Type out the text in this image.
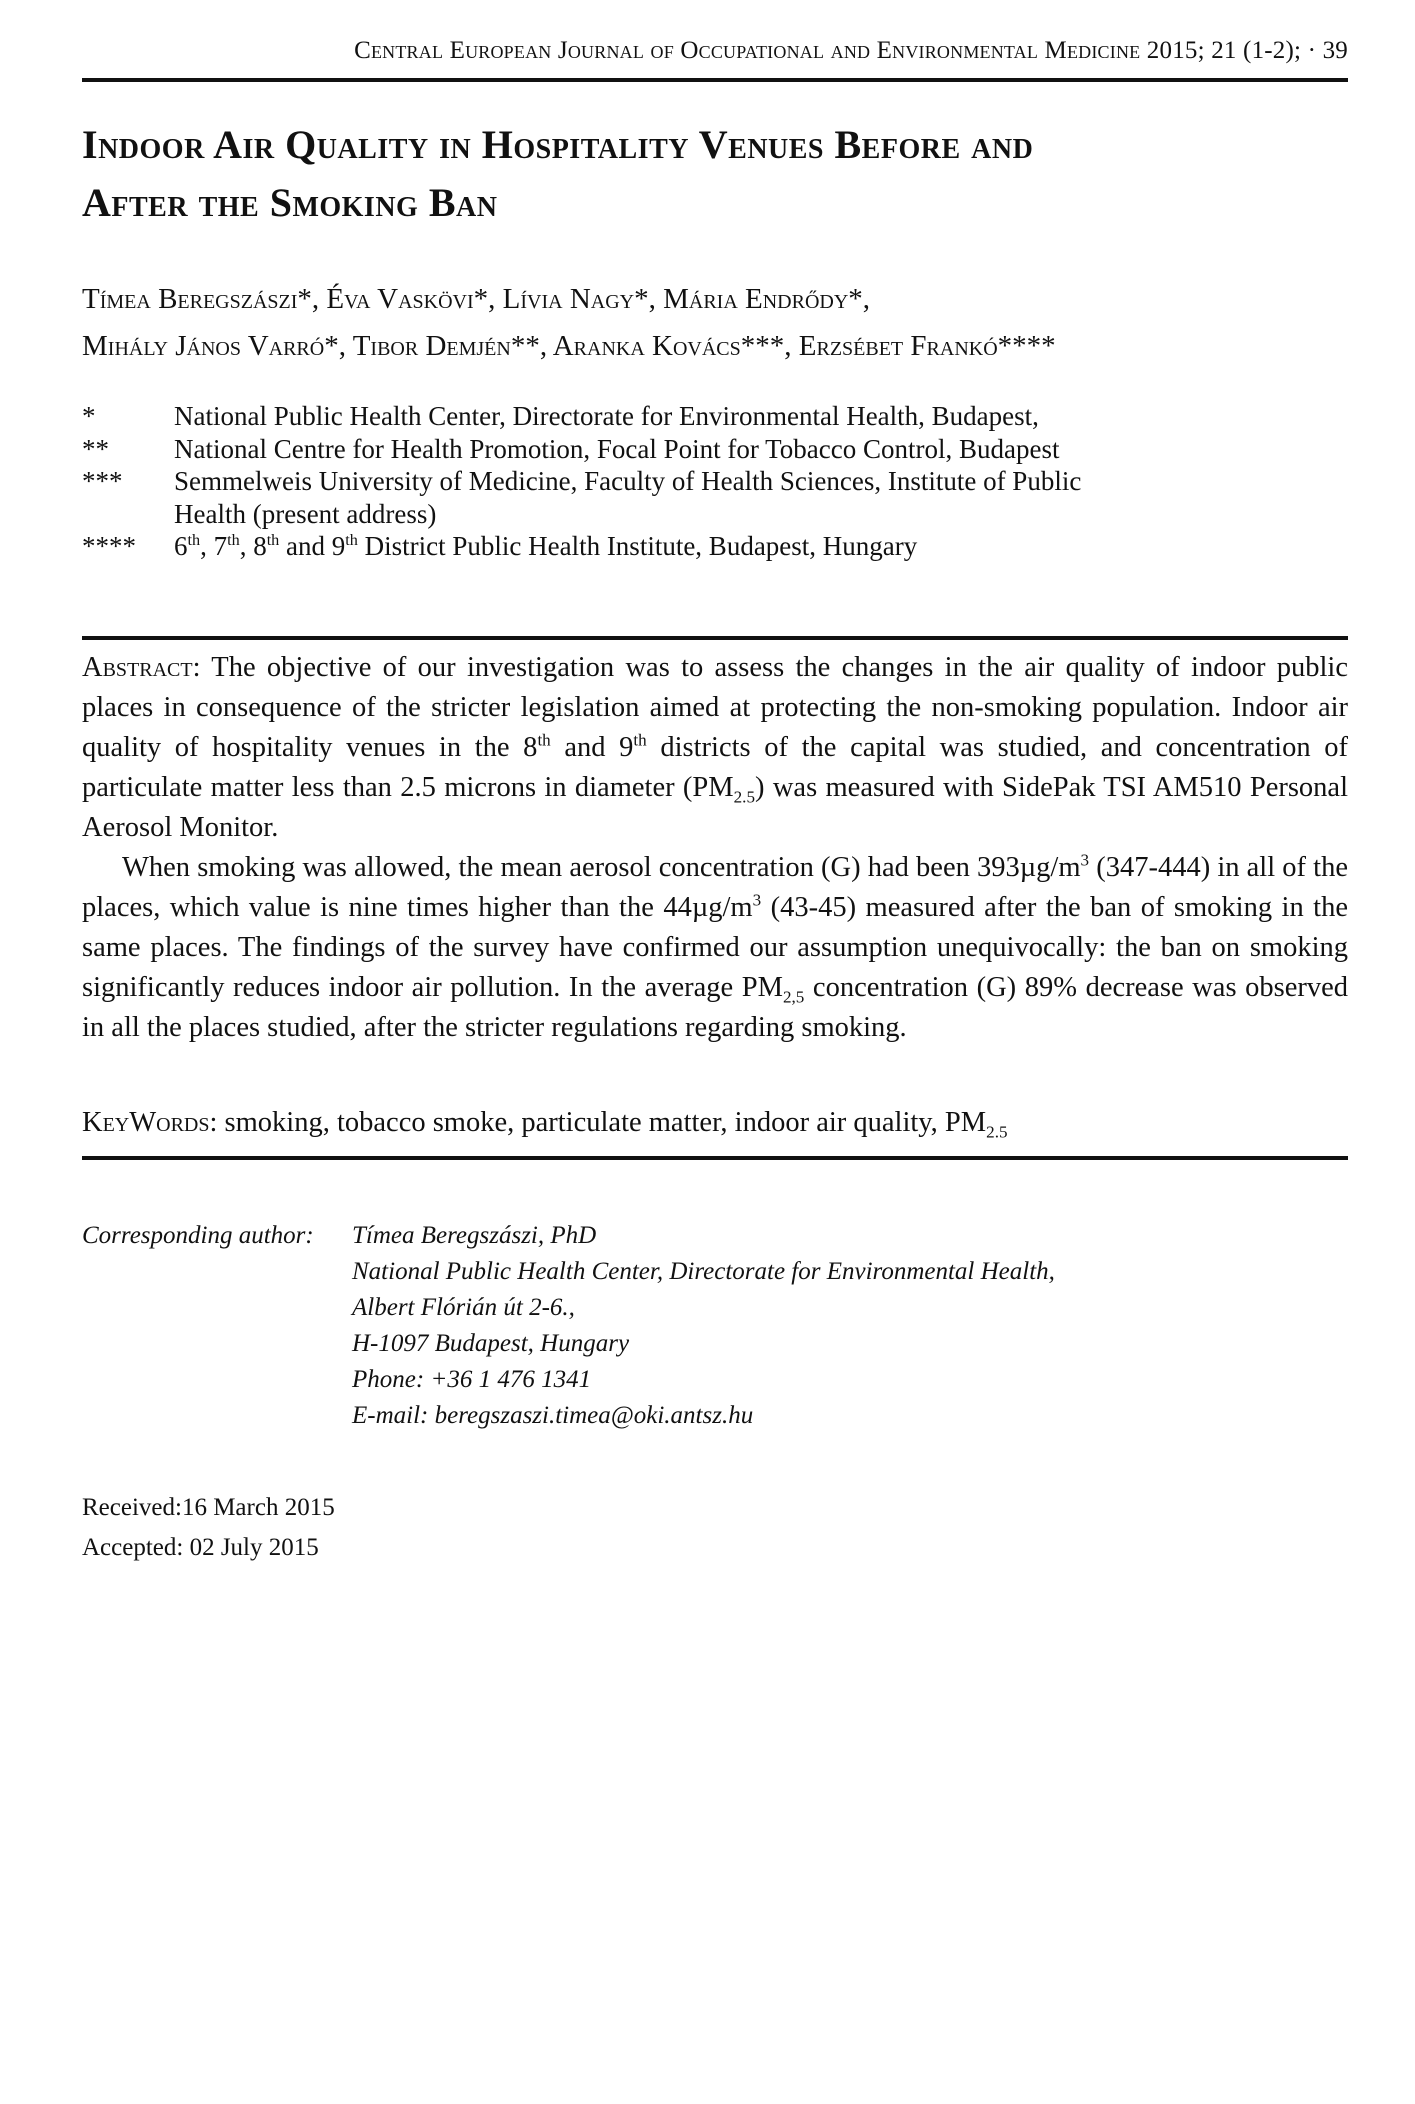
Central European Journal of Occupational and Environmental Medicine 2015; 21 (1-2); · 39
Indoor Air Quality in Hospitality Venues Before and
After the Smoking Ban
Tímea Beregszászi*, Éva Vaskövi*, Lívia Nagy*, Mária Endrődy*,
Mihály János Varró*, Tibor Demjén**, Aranka Kovács***, Erzsébet Frankó****
*	National Public Health Center, Directorate for Environmental Health, Budapest,
**	National Centre for Health Promotion, Focal Point for Tobacco Control, Budapest
***	Semmelweis University of Medicine, Faculty of Health Sciences, Institute of Public
Health (present address)
****	6th, 7th, 8th and 9th District Public Health Institute, Budapest, Hungary

Abstract: The objective of our investigation was to assess the changes in the air quality of indoor public places in consequence of the stricter legislation aimed at protecting the non-smoking population. Indoor air quality of hospitality venues in the 8th and 9th districts of the capital was studied, and concentration of particulate matter less than 2.5 microns in diameter $(PM_{2.5})$ was measured with SidePak TSI AM510 Personal Aerosol Monitor.

When smoking was allowed, the mean aerosol concentration (G) had been $393\mu g/m^3$ (347-444) in all of the places, which value is nine times higher than the $44\mu g/m^3$ (43-45) measured after the ban of smoking in the same places. The findings of the survey have confirmed our assumption unequivocally: the ban on smoking significantly reduces indoor air pollution. In the average $PM_{2,5}$ concentration (G) 89% decrease was observed in all the places studied, after the stricter regulations regarding smoking.

KeyWords: smoking, tobacco smoke, particulate matter, indoor air quality, $PM_{2.5}$
Corresponding author:	Tímea Beregszászi, PhD
National Public Health Center, Directorate for Environmental Health,
Albert Flórián út 2-6.,
H-1097 Budapest, Hungary
Phone: +36 1 476 1341
E-mail: beregszaszi.timea@oki.antsz.hu
Received:16 March 2015
Accepted: 02 July 2015
